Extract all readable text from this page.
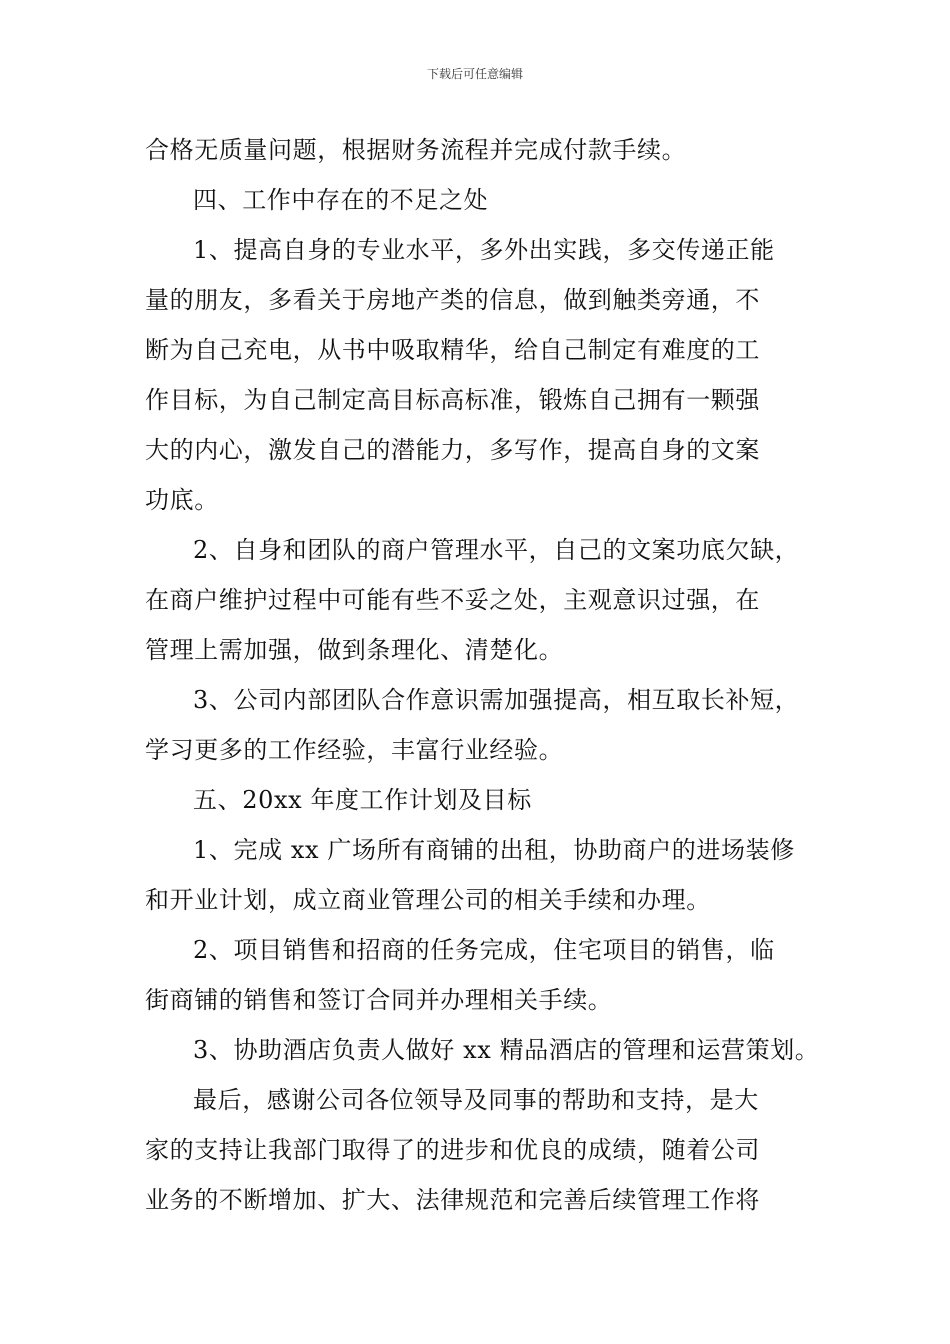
下载后可任意编辑
合格无质量问题，根据财务流程并完成付款手续。
四、工作中存在的不足之处
1、提高自身的专业水平，多外出实践，多交传递正能
量的朋友，多看关于房地产类的信息，做到触类旁通，不
断为自己充电，从书中吸取精华，给自己制定有难度的工
作目标，为自己制定高目标高标准，锻炼自己拥有一颗强
大的内心，激发自己的潜能力，多写作，提高自身的文案
功底。
2、自身和团队的商户管理水平，自己的文案功底欠缺，
在商户维护过程中可能有些不妥之处，主观意识过强，在
管理上需加强，做到条理化、清楚化。
3、公司内部团队合作意识需加强提高，相互取长补短，
学习更多的工作经验，丰富行业经验。
五、20xx 年度工作计划及目标
1、完成 xx 广场所有商铺的出租，协助商户的进场装修
和开业计划，成立商业管理公司的相关手续和办理。
2、项目销售和招商的任务完成，住宅项目的销售，临
街商铺的销售和签订合同并办理相关手续。
3、协助酒店负责人做好 xx 精品酒店的管理和运营策划。
最后，感谢公司各位领导及同事的帮助和支持，是大
家的支持让我部门取得了的进步和优良的成绩，随着公司
业务的不断增加、扩大、法律规范和完善后续管理工作将
